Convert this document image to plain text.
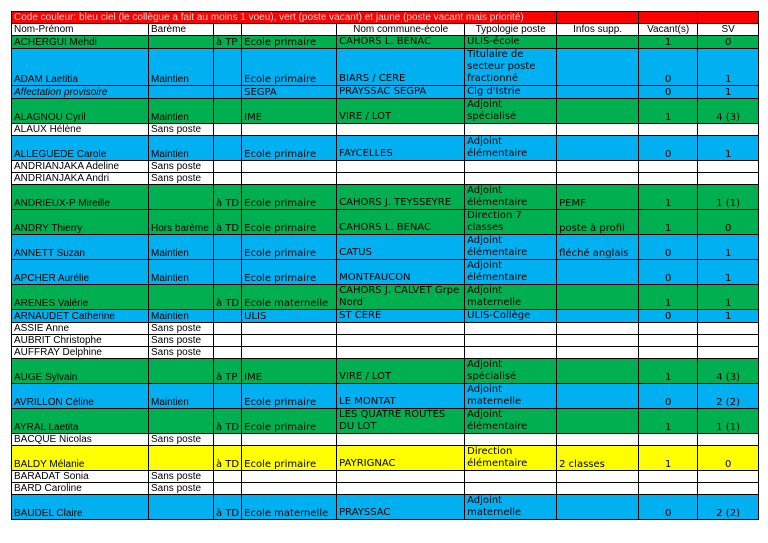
Code couleur: bleu ciel (le collègue a fait au moins 1 voeu), vert (poste vacant) et jaune (poste vacant mais priorité)								
Nom-Prénom	Barème			Nom commune-école	Typologie poste	Infos supp.	Vacant(s)	SV
ACHERGUI Mehdi		à TP	Ecole primaire	CAHORS L. BENAC	ULIS-école		1	0
ADAM Laetitia	Maintien		Ecole primaire	BIARS / CERE	Titulaire de secteur poste fractionné		0	1
Affectation provisoire			SEGPA	PRAYSSAC SEGPA	Clg d'Istrie		0	1
ALAGNOU Cyril	Maintien		IME	VIRE / LOT	Adjoint spécialisé		1	4 (3)
ALAUX Hélène	Sans poste							
ALLEGUEDE Carole	Maintien		Ecole primaire	FAYCELLES	Adjoint élémentaire		0	1
ANDRIANJAKA Adeline	Sans poste							
ANDRIANJAKA Andri	Sans poste							
ANDRIEUX-P Mireille		à TD	Ecole primaire	CAHORS J. TEYSSEYRE	Adjoint élémentaire	PEMF	1	1 (1)
ANDRY Thierry	Hors barème	à TD	Ecole primaire	CAHORS L. BENAC	Direction 7 classes	poste à profil	1	0
ANNETT Suzan	Maintien		Ecole primaire	CATUS	Adjoint élémentaire	fléché anglais	0	1
APCHER Aurélie	Maintien		Ecole primaire	MONTFAUCON	Adjoint élémentaire		0	1
ARENES Valérie		à TD	Ecole maternelle	CAHORS J. CALVET Grpe Nord	Adjoint maternelle		1	1
ARNAUDET Catherine	Maintien		ULIS	ST CERE	ULIS-Collège		0	1
ASSIE Anne	Sans poste							
AUBRIT Christophe	Sans poste							
AUFFRAY Delphine	Sans poste							
AUGE Sylvain		à TP	IME	VIRE / LOT	Adjoint spécialisé		1	4 (3)
AVRILLON Céline	Maintien		Ecole primaire	LE MONTAT	Adjoint maternelle		0	2 (2)
AYRAL Laetita		à TD	Ecole primaire	LES QUATRE ROUTES DU LOT	Adjoint élémentaire		1	1 (1)
BACQUE Nicolas	Sans poste							
BALDY Mélanie		à TD	Ecole primaire	PAYRIGNAC	Direction élémentaire	2 classes	1	0
BARADAT Sonia	Sans poste							
BARD Caroline	Sans poste							
BAUDEL Claire		à TD	Ecole maternelle	PRAYSSAC	Adjoint maternelle		0	2 (2)
